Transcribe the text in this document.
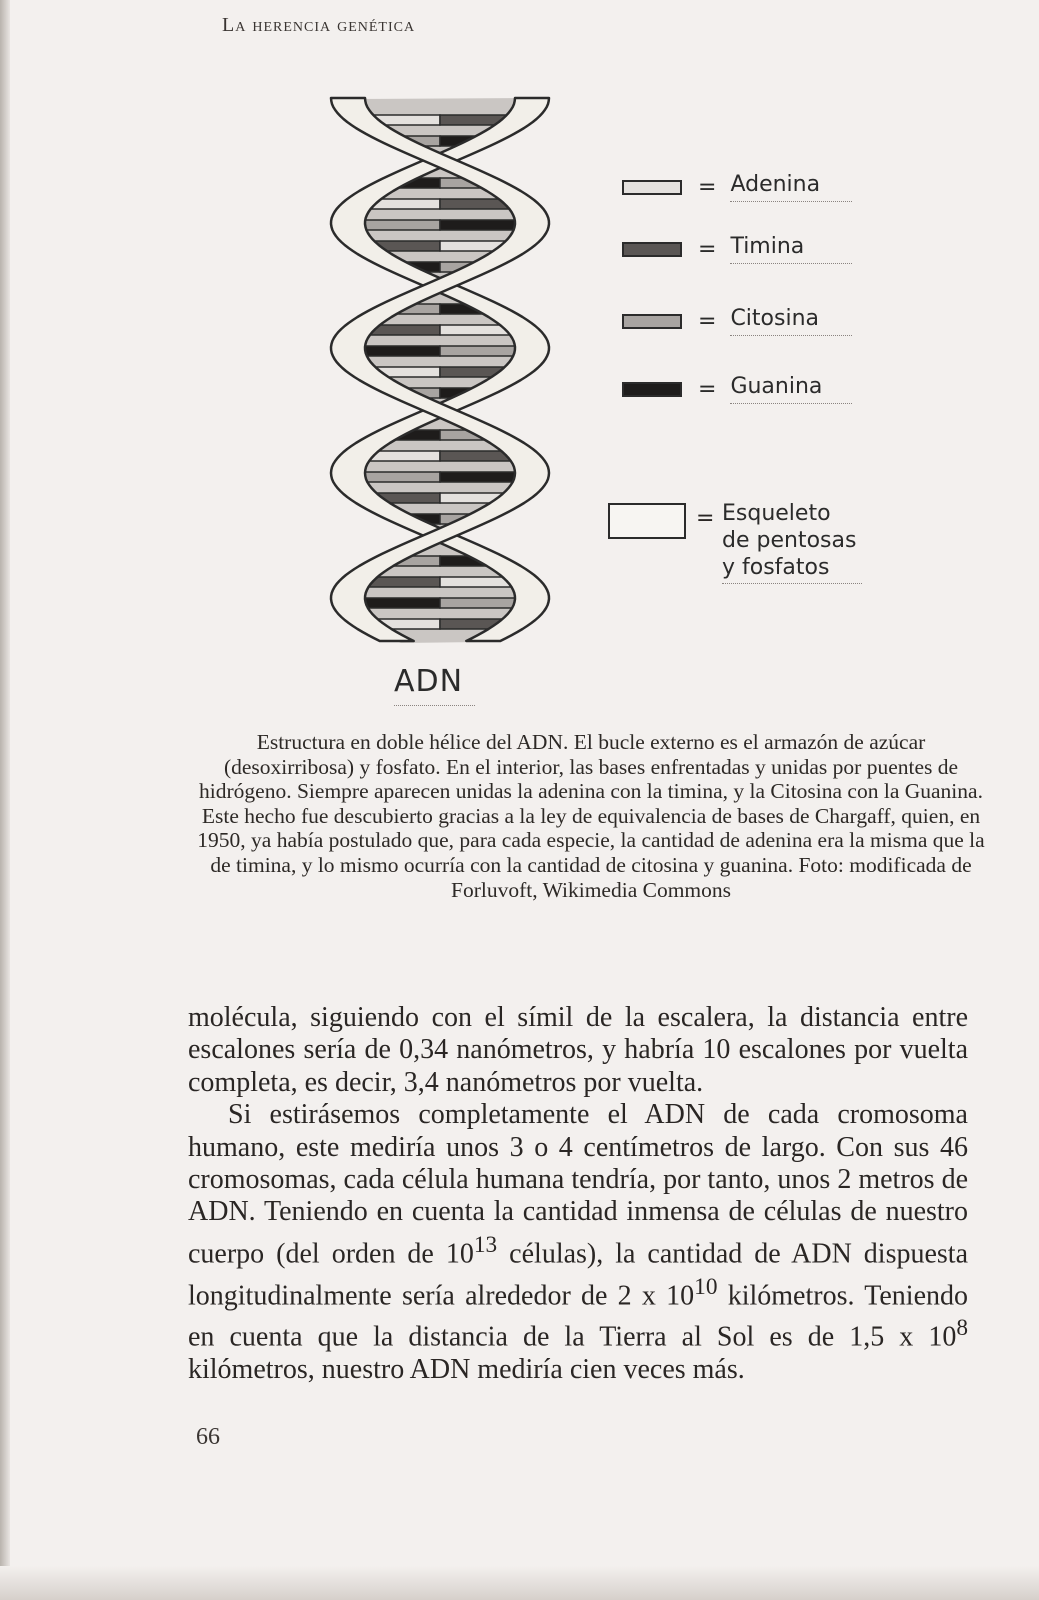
La herencia genética
= Adenina
= Timina
= Citosina
= Guanina
= Esqueleto
de pentosas
y fosfatos
ADN
Estructura en doble hélice del ADN. El bucle externo es el armazón de azúcar (desoxirribosa) y fosfato. En el interior, las bases enfrentadas y unidas por puentes de hidrógeno. Siempre aparecen unidas la adenina con la timina, y la Citosina con la Guanina. Este hecho fue descubierto gracias a la ley de equivalencia de bases de Chargaff, quien, en 1950, ya había postulado que, para cada especie, la cantidad de adenina era la misma que la de timina, y lo mismo ocurría con la cantidad de citosina y guanina. Foto: modificada de Forluvoft, Wikimedia Commons

molécula, siguiendo con el símil de la escalera, la distancia entre escalones sería de 0,34 nanómetros, y habría 10 escalones por vuelta completa, es decir, 3,4 nanómetros por vuelta.

Si estirásemos completamente el ADN de cada cromosoma humano, este mediría unos 3 o 4 centímetros de largo. Con sus 46 cromosomas, cada célula humana tendría, por tanto, unos 2 metros de ADN. Teniendo en cuenta la cantidad inmensa de células de nuestro cuerpo (del orden de $10^{13}$ células), la cantidad de ADN dispuesta longitudinalmente sería alrededor de 2 x $10^{10}$ kilómetros. Teniendo en cuenta que la distancia de la Tierra al Sol es de 1,5 x $10^8$ kilómetros, nuestro ADN mediría cien veces más.

66
